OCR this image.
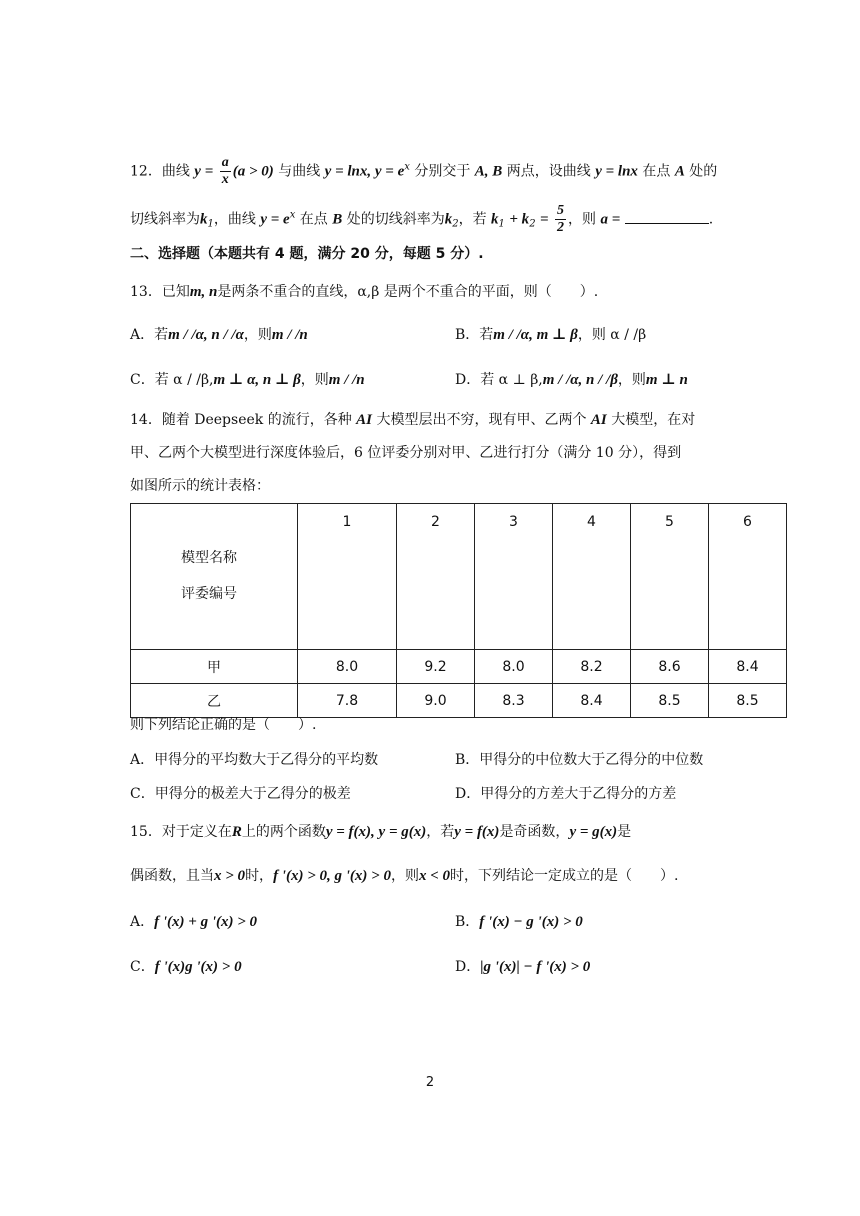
12．曲线 $y = \frac{a}{x} (a > 0)$ 与曲线 y = lnx, $y = e^x$ 分别交于 A, B 两点，设曲线 y = lnx 在点 A 处的
切线斜率为$k_1$，曲线 $y = e^x$ 在点 B 处的切线斜率为$k_2$，若 $k_1 + k_2 = \frac{5}{2}$ ，则 a =	.
二、选择题（本题共有 4 题，满分 20 分，每题 5 分）.
13．已知m, n是两条不重合的直线，α,β 是两个不重合的平面，则（　　）.
A．若m / /α, n / /α，则m / /n	B．若m / /α, m ⊥ β，则 α / /β
C．若 α / /β,m ⊥ α, n ⊥ β，则m / /n	D．若 α ⊥ β,m / /α, n / /β，则m ⊥ n
14．随着 Deepseek 的流行，各种 AI 大模型层出不穷，现有甲、乙两个 AI 大模型，在对
甲、乙两个大模型进行深度体验后，6 位评委分别对甲、乙进行打分（满分 10 分），得到
如图所示的统计表格：
模型名称
评委编号	1	2	3	4	5	6
甲	8.0	9.2	8.0	8.2	8.6	8.4
乙	7.8	9.0	8.3	8.4	8.5	8.5
则下列结论正确的是（　　）.
A．甲得分的平均数大于乙得分的平均数	B．甲得分的中位数大于乙得分的中位数
C．甲得分的极差大于乙得分的极差	D．甲得分的方差大于乙得分的方差
15．对于定义在R上的两个函数y = f(x), y = g(x)，若y = f(x)是奇函数，y = g(x)是
偶函数，且当x > 0时，f '(x) > 0, g '(x) > 0，则x < 0时，下列结论一定成立的是（　　）.
A．f '(x) + g '(x) > 0	B．f '(x) − g '(x) > 0
C．f '(x)g '(x) > 0	D．|g '(x)| − f '(x) > 0
2
